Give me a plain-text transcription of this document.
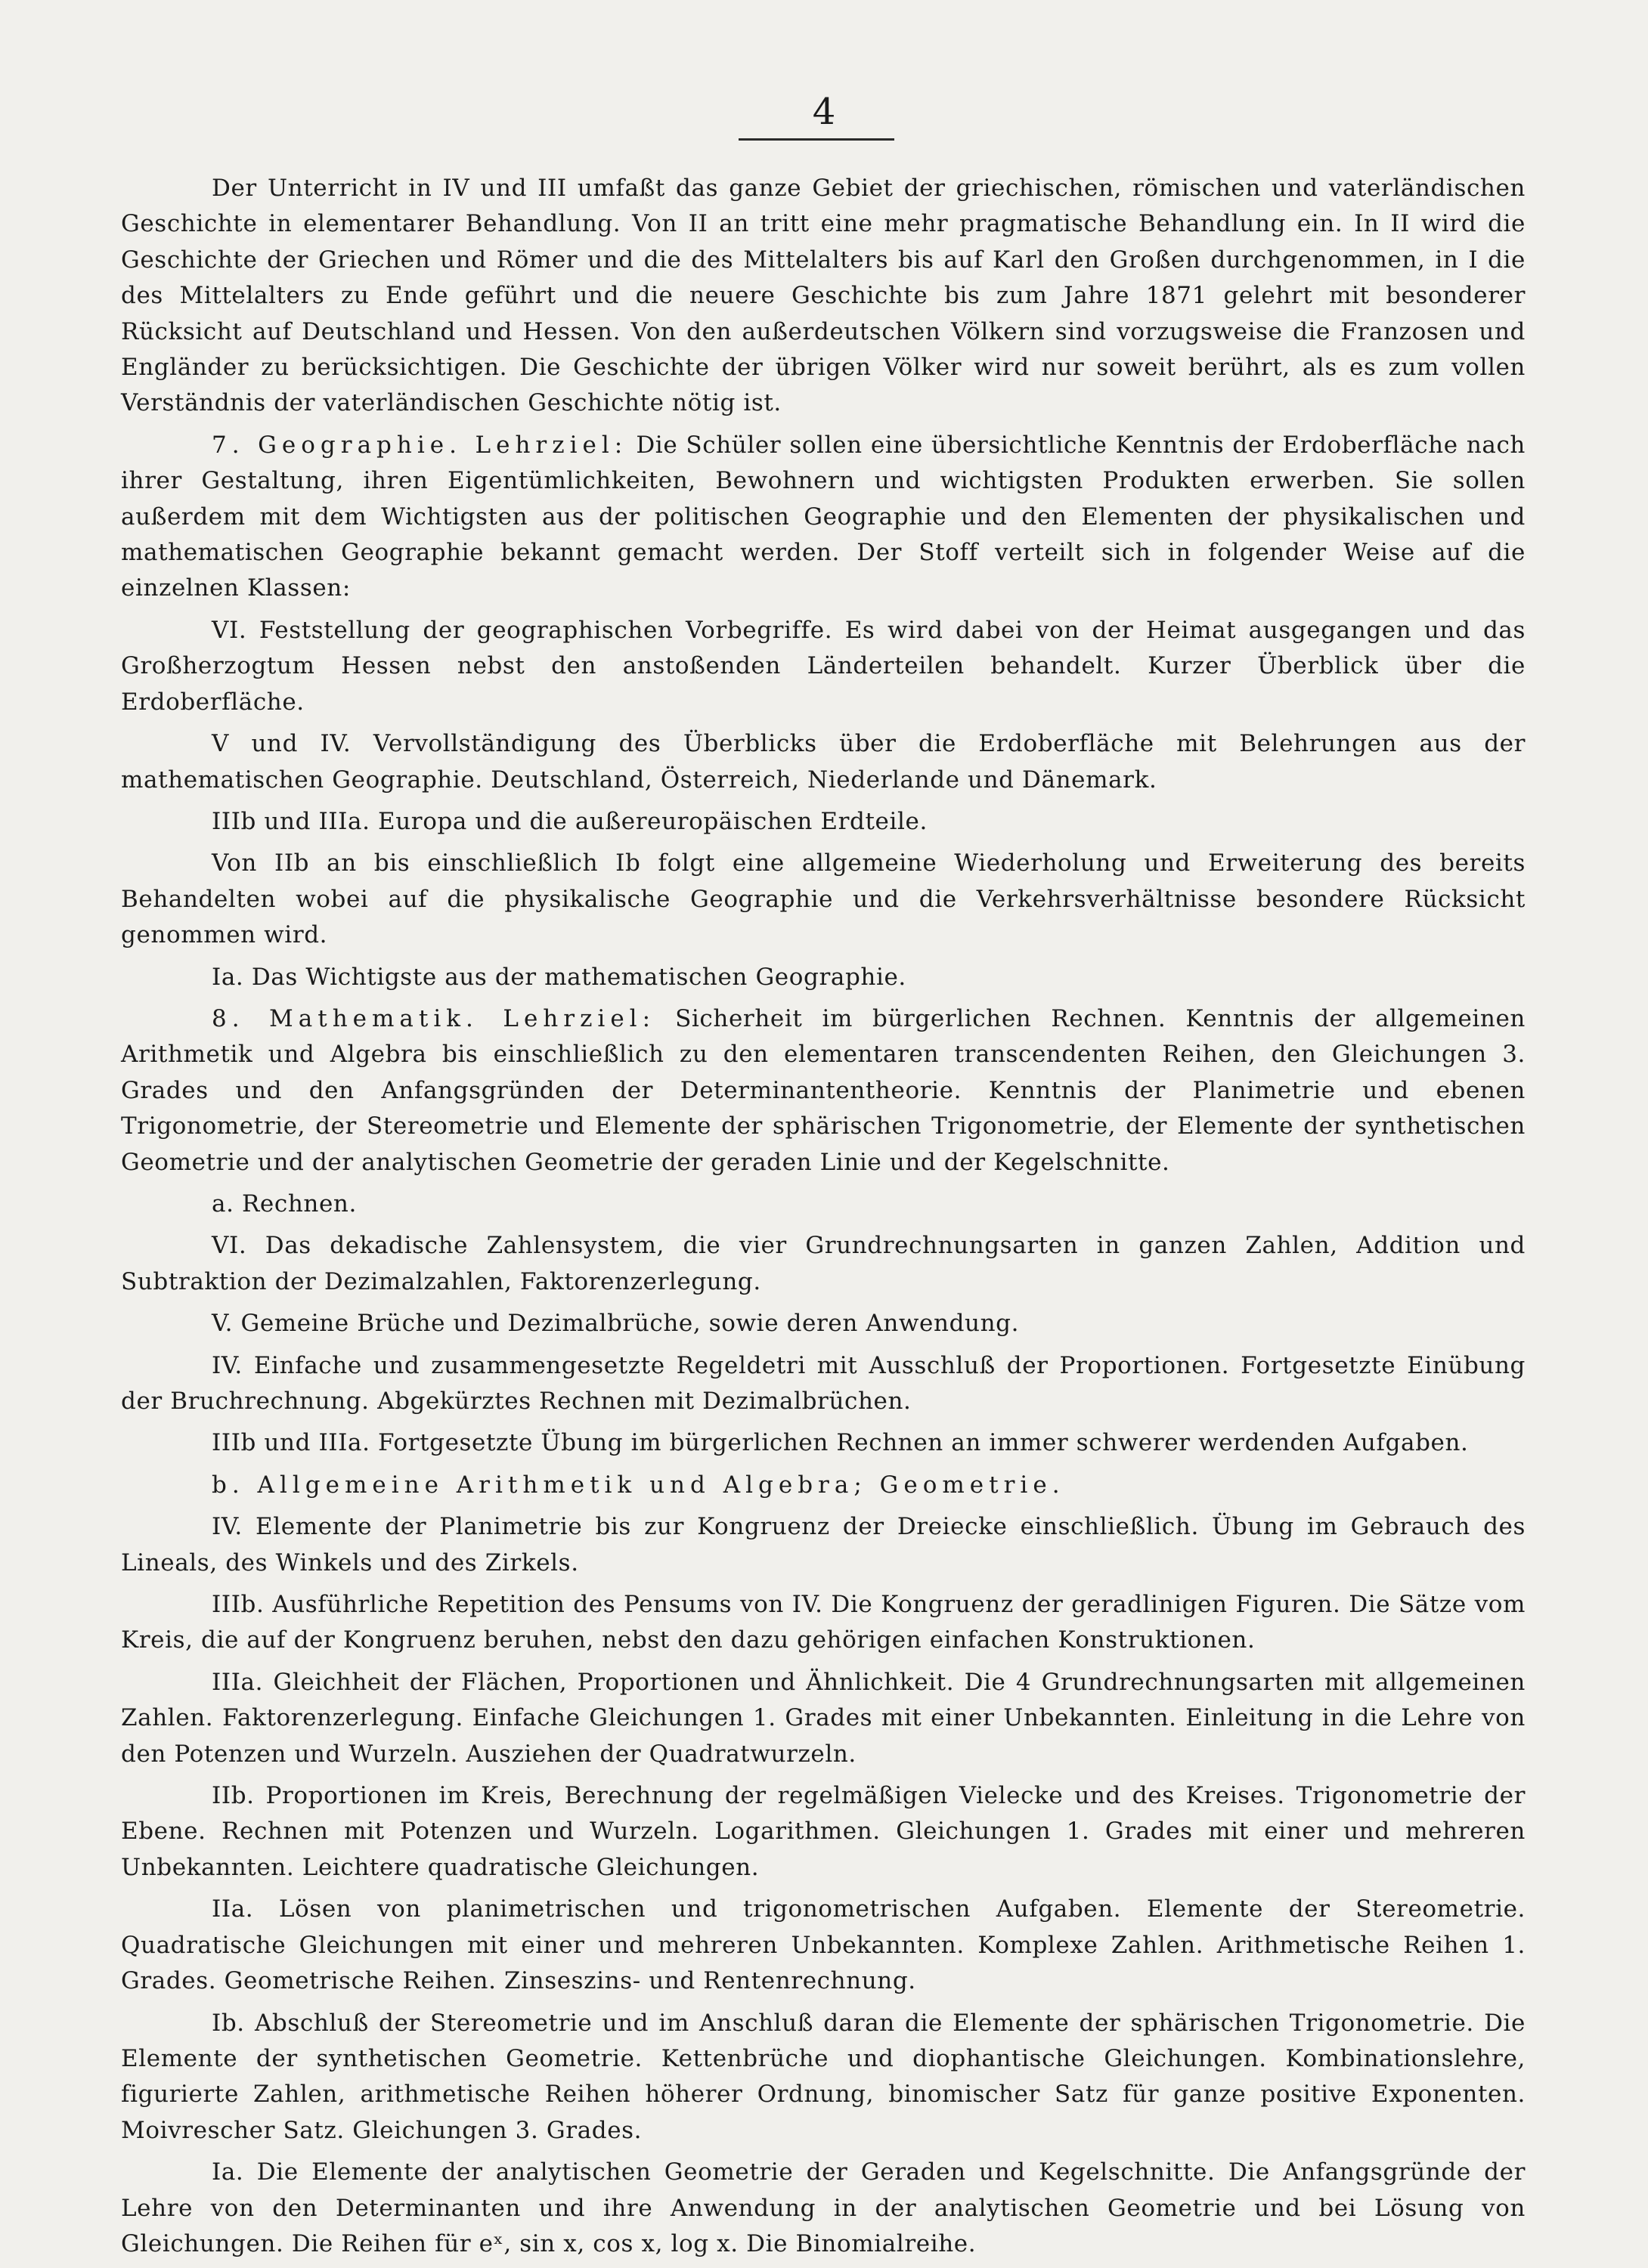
4

Der Unterricht in IV und III umfaßt das ganze Gebiet der griechischen, römischen und vaterländischen Geschichte in elementarer Behandlung. Von II an tritt eine mehr pragmatische Behandlung ein. In II wird die Geschichte der Griechen und Römer und die des Mittelalters bis auf Karl den Großen durchgenommen, in I die des Mittelalters zu Ende geführt und die neuere Geschichte bis zum Jahre 1871 gelehrt mit besonderer Rücksicht auf Deutschland und Hessen. Von den außerdeutschen Völkern sind vorzugsweise die Franzosen und Engländer zu berücksichtigen. Die Geschichte der übrigen Völker wird nur soweit berührt, als es zum vollen Verständnis der vaterländischen Geschichte nötig ist.

7. Geographie. Lehrziel: Die Schüler sollen eine übersichtliche Kenntnis der Erdoberfläche nach ihrer Gestaltung, ihren Eigentümlichkeiten, Bewohnern und wichtigsten Produkten erwerben. Sie sollen außerdem mit dem Wichtigsten aus der politischen Geographie und den Elementen der physikalischen und mathematischen Geographie bekannt gemacht werden. Der Stoff verteilt sich in folgender Weise auf die einzelnen Klassen:

VI. Feststellung der geographischen Vorbegriffe. Es wird dabei von der Heimat ausgegangen und das Großherzogtum Hessen nebst den anstoßenden Länderteilen behandelt. Kurzer Überblick über die Erdoberfläche.

V und IV. Vervollständigung des Überblicks über die Erdoberfläche mit Belehrungen aus der mathematischen Geographie. Deutschland, Österreich, Niederlande und Dänemark.

IIIb und IIIa. Europa und die außereuropäischen Erdteile.

Von IIb an bis einschließlich Ib folgt eine allgemeine Wiederholung und Erweiterung des bereits Behandelten wobei auf die physikalische Geographie und die Verkehrsverhältnisse besondere Rücksicht genommen wird.

Ia. Das Wichtigste aus der mathematischen Geographie.

8. Mathematik. Lehrziel: Sicherheit im bürgerlichen Rechnen. Kenntnis der allgemeinen Arithmetik und Algebra bis einschließlich zu den elementaren transcendenten Reihen, den Gleichungen 3. Grades und den Anfangsgründen der Determinantentheorie. Kenntnis der Planimetrie und ebenen Trigonometrie, der Stereometrie und Elemente der sphärischen Trigonometrie, der Elemente der synthetischen Geometrie und der analytischen Geometrie der geraden Linie und der Kegelschnitte.

a. Rechnen.

VI. Das dekadische Zahlensystem, die vier Grundrechnungsarten in ganzen Zahlen, Addition und Subtraktion der Dezimalzahlen, Faktorenzerlegung.

V. Gemeine Brüche und Dezimalbrüche, sowie deren Anwendung.

IV. Einfache und zusammengesetzte Regeldetri mit Ausschluß der Proportionen. Fortgesetzte Einübung der Bruchrechnung. Abgekürztes Rechnen mit Dezimalbrüchen.

IIIb und IIIa. Fortgesetzte Übung im bürgerlichen Rechnen an immer schwerer werdenden Aufgaben.

b. Allgemeine Arithmetik und Algebra; Geometrie.

IV. Elemente der Planimetrie bis zur Kongruenz der Dreiecke einschließlich. Übung im Gebrauch des Lineals, des Winkels und des Zirkels.

IIIb. Ausführliche Repetition des Pensums von IV. Die Kongruenz der geradlinigen Figuren. Die Sätze vom Kreis, die auf der Kongruenz beruhen, nebst den dazu gehörigen einfachen Konstruktionen.

IIIa. Gleichheit der Flächen, Proportionen und Ähnlichkeit. Die 4 Grundrechnungsarten mit allgemeinen Zahlen. Faktorenzerlegung. Einfache Gleichungen 1. Grades mit einer Unbekannten. Einleitung in die Lehre von den Potenzen und Wurzeln. Ausziehen der Quadratwurzeln.

IIb. Proportionen im Kreis, Berechnung der regelmäßigen Vielecke und des Kreises. Trigonometrie der Ebene. Rechnen mit Potenzen und Wurzeln. Logarithmen. Gleichungen 1. Grades mit einer und mehreren Unbekannten. Leichtere quadratische Gleichungen.

IIa. Lösen von planimetrischen und trigonometrischen Aufgaben. Elemente der Stereometrie. Quadratische Gleichungen mit einer und mehreren Unbekannten. Komplexe Zahlen. Arithmetische Reihen 1. Grades. Geometrische Reihen. Zinseszins- und Rentenrechnung.

Ib. Abschluß der Stereometrie und im Anschluß daran die Elemente der sphärischen Trigonometrie. Die Elemente der synthetischen Geometrie. Kettenbrüche und diophantische Gleichungen. Kombinationslehre, figurierte Zahlen, arithmetische Reihen höherer Ordnung, binomischer Satz für ganze positive Exponenten. Moivrescher Satz. Gleichungen 3. Grades.

Ia. Die Elemente der analytischen Geometrie der Geraden und Kegelschnitte. Die Anfangsgründe der Lehre von den Determinanten und ihre Anwendung in der analytischen Geometrie und bei Lösung von Gleichungen. Die Reihen für eˣ, sin x, cos x, log x. Die Binomialreihe.
